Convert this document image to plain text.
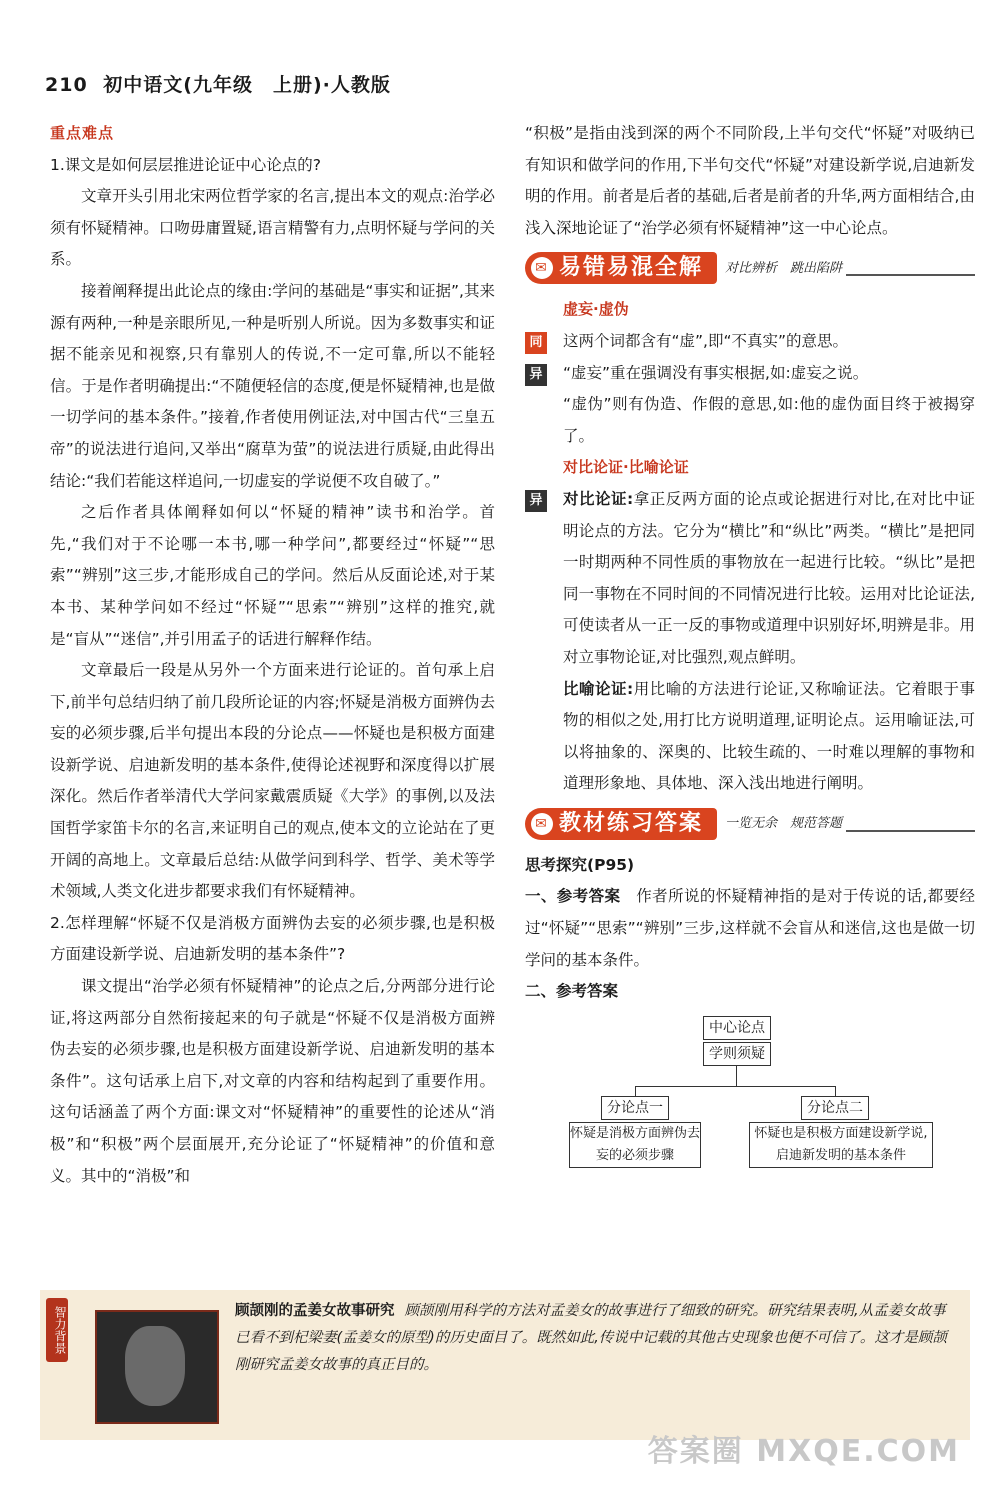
210 初中语文(九年级　上册)·人教版

重点难点

1.课文是如何层层推进论证中心论点的?

文章开头引用北宋两位哲学家的名言,提出本文的观点:治学必须有怀疑精神。口吻毋庸置疑,语言精警有力,点明怀疑与学问的关系。

接着阐释提出此论点的缘由:学问的基础是“事实和证据”,其来源有两种,一种是亲眼所见,一种是听别人所说。因为多数事实和证据不能亲见和视察,只有靠别人的传说,不一定可靠,所以不能轻信。于是作者明确提出:“不随便轻信的态度,便是怀疑精神,也是做一切学问的基本条件。”接着,作者使用例证法,对中国古代“三皇五帝”的说法进行追问,又举出“腐草为萤”的说法进行质疑,由此得出结论:“我们若能这样追问,一切虚妄的学说便不攻自破了。”

之后作者具体阐释如何以“怀疑的精神”读书和治学。首先,“我们对于不论哪一本书,哪一种学问”,都要经过“怀疑”“思索”“辨别”这三步,才能形成自己的学问。然后从反面论述,对于某本书、某种学问如不经过“怀疑”“思索”“辨别”这样的推究,就是“盲从”“迷信”,并引用孟子的话进行解释作结。

文章最后一段是从另外一个方面来进行论证的。首句承上启下,前半句总结归纳了前几段所论证的内容;怀疑是消极方面辨伪去妄的必须步骤,后半句提出本段的分论点——怀疑也是积极方面建设新学说、启迪新发明的基本条件,使得论述视野和深度得以扩展深化。然后作者举清代大学问家戴震质疑《大学》的事例,以及法国哲学家笛卡尔的名言,来证明自己的观点,使本文的立论站在了更开阔的高地上。文章最后总结:从做学问到科学、哲学、美术等学术领域,人类文化进步都要求我们有怀疑精神。

2.怎样理解“怀疑不仅是消极方面辨伪去妄的必须步骤,也是积极方面建设新学说、启迪新发明的基本条件”?

课文提出“治学必须有怀疑精神”的论点之后,分两部分进行论证,将这两部分自然衔接起来的句子就是“怀疑不仅是消极方面辨伪去妄的必须步骤,也是积极方面建设新学说、启迪新发明的基本条件”。这句话承上启下,对文章的内容和结构起到了重要作用。这句话涵盖了两个方面:课文对“怀疑精神”的重要性的论述从“消极”和“积极”两个层面展开,充分论证了“怀疑精神”的价值和意义。其中的“消极”和

“积极”是指由浅到深的两个不同阶段,上半句交代“怀疑”对吸纳已有知识和做学问的作用,下半句交代“怀疑”对建设新学说,启迪新发明的作用。前者是后者的基础,后者是前者的升华,两方面相结合,由浅入深地论证了“治学必须有怀疑精神”这一中心论点。

✉ 易错易混全解	对比辨析　跳出陷阱

虚妄·虚伪

同 这两个词都含有“虚”,即“不真实”的意思。

异 “虚妄”重在强调没有事实根据,如:虚妄之说。

“虚伪”则有伪造、作假的意思,如:他的虚伪面目终于被揭穿了。

对比论证·比喻论证

异 对比论证:拿正反两方面的论点或论据进行对比,在对比中证明论点的方法。它分为“横比”和“纵比”两类。“横比”是把同一时期两种不同性质的事物放在一起进行比较。“纵比”是把同一事物在不同时间的不同情况进行比较。运用对比论证法,可使读者从一正一反的事物或道理中识别好坏,明辨是非。用对立事物论证,对比强烈,观点鲜明。

比喻论证:用比喻的方法进行论证,又称喻证法。它着眼于事物的相似之处,用打比方说明道理,证明论点。运用喻证法,可以将抽象的、深奥的、比较生疏的、一时难以理解的事物和道理形象地、具体地、深入浅出地进行阐明。

✉ 教材练习答案	一览无余　规范答题

思考探究(P95)

一、参考答案　 作者所说的怀疑精神指的是对于传说的话,都要经过“怀疑”“思索”“辨别”三步,这样就不会盲从和迷信,这也是做一切学问的基本条件。

二、参考答案

中心论点
学则须疑
分论点一	分论点二
怀疑是消极方面辨伪去妄的必须步骤
怀疑也是积极方面建设新学说,启迪新发明的基本条件
智力背景	顾颉刚的孟姜女故事研究 顾颉刚用科学的方法对孟姜女的故事进行了细致的研究。研究结果表明,从孟姜女故事已看不到杞梁妻(孟姜女的原型)的历史面目了。既然如此,传说中记载的其他古史现象也便不可信了。这才是顾颉刚研究孟姜女故事的真正目的。
答案圈 MXQE.COM
